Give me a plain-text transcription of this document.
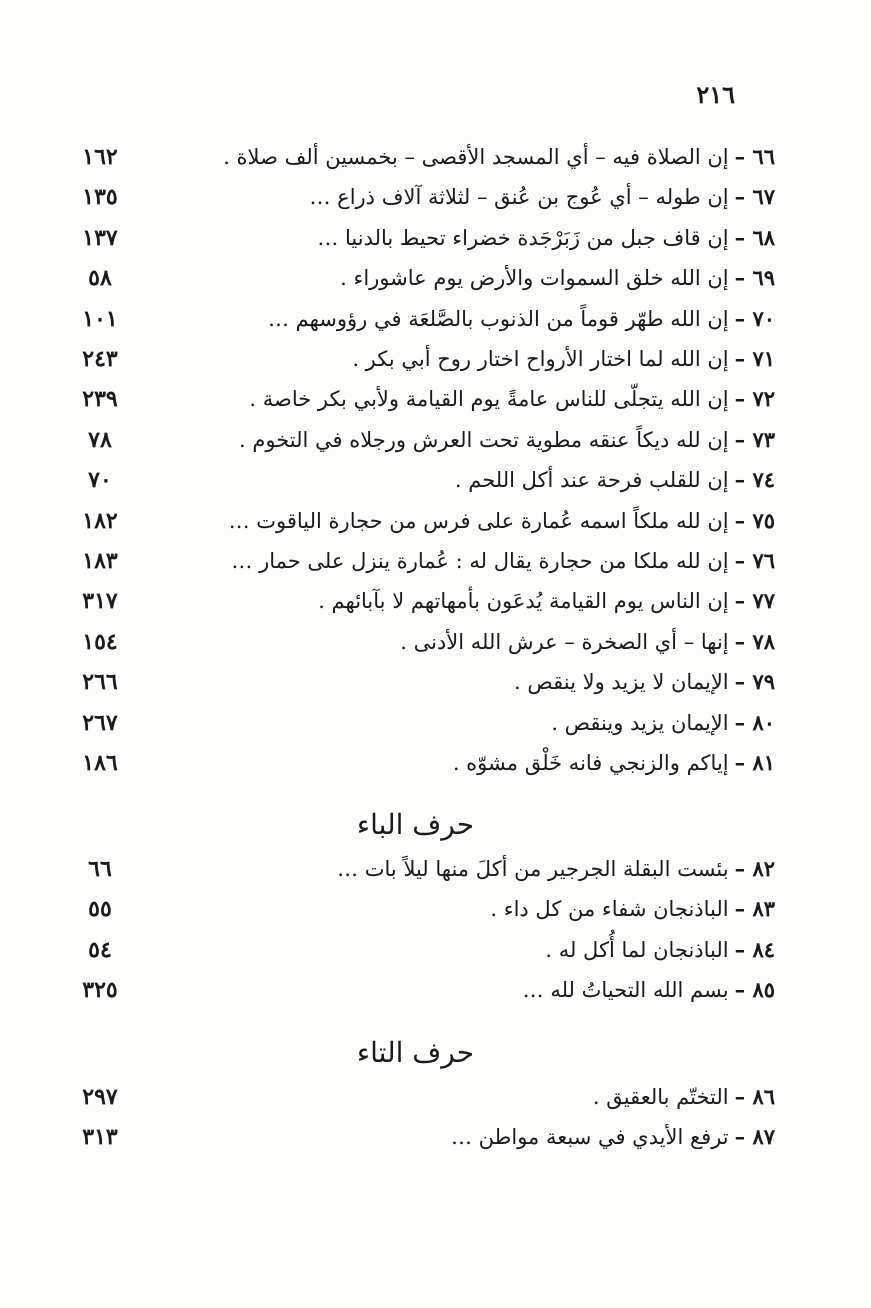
٢١٦
٦٦ –إن الصلاة فيه – أي المسجد الأقصى – بخمسين ألف صلاة .
١٦٢
٦٧ –إن طوله – أي عُوج بن عُنق – لثلاثة آلاف ذراع …
١٣٥
٦٨ –إن قاف جبل من زَبَرْجَدة خضراء تحيط بالدنيا …
١٣٧
٦٩ –إن الله خلق السموات والأرض يوم عاشوراء .
٥٨
٧٠ –إن الله طهّر قوماً من الذنوب بالصَّلعَة في رؤوسهم …
١٠١
٧١ –إن الله لما اختار الأرواح اختار روح أبي بكر .
٢٤٣
٧٢ –إن الله يتجلّى للناس عامةً يوم القيامة ولأبي بكر خاصة .
٢٣٩
٧٣ –إن لله ديكاً عنقه مطوية تحت العرش ورجلاه في التخوم .
٧٨
٧٤ –إن للقلب فرحة عند أكل اللحم .
٧٠
٧٥ –إن لله ملكاً اسمه عُمارة على فرس من حجارة الياقوت …
١٨٢
٧٦ –إن لله ملكا من حجارة يقال له : عُمارة ينزل على حمار …
١٨٣
٧٧ –إن الناس يوم القيامة يُدعَون بأمهاتهم لا بآبائهم .
٣١٧
٧٨ –إنها – أي الصخرة – عرش الله الأدنى .
١٥٤
٧٩ –الإيمان لا يزيد ولا ينقص .
٢٦٦
٨٠ –الإيمان يزيد وينقص .
٢٦٧
٨١ –إياكم والزنجي فانه خَلْق مشوّه .
١٨٦
حرف الباء
٨٢ –بئست البقلة الجرجير من أكلَ منها ليلاً بات …
٦٦
٨٣ –الباذنجان شفاء من كل داء .
٥٥
٨٤ –الباذنجان لما أُكل له .
٥٤
٨٥ –بسم الله التحياتُ لله …
٣٢٥
حرف التاء
٨٦ –التختّم بالعقيق .
٢٩٧
٨٧ –ترفع الأيدي في سبعة مواطن …
٣١٣
